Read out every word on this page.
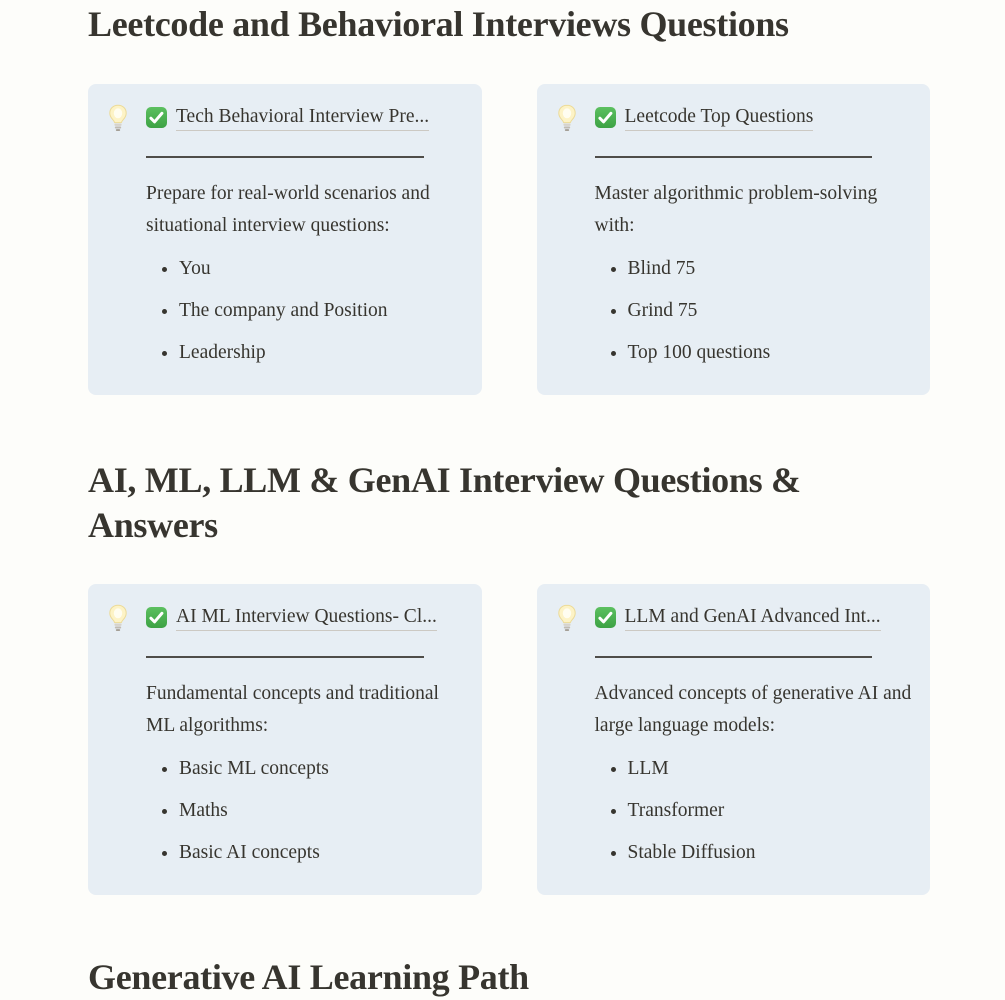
Leetcode and Behavioral Interviews Questions
Tech Behavioral Interview Pre...

Prepare for real-world scenarios and situational interview questions:

• You
• The company and Position
• Leadership
Leetcode Top Questions

Master algorithmic problem-solving with:

• Blind 75
• Grind 75
• Top 100 questions
AI, ML, LLM & GenAI Interview Questions & Answers
AI ML Interview Questions- Cl...

Fundamental concepts and traditional ML algorithms:

• Basic ML concepts
• Maths
• Basic AI concepts
LLM and GenAI Advanced Int...

Advanced concepts of generative AI and large language models:

• LLM
• Transformer
• Stable Diffusion
Generative AI Learning Path
